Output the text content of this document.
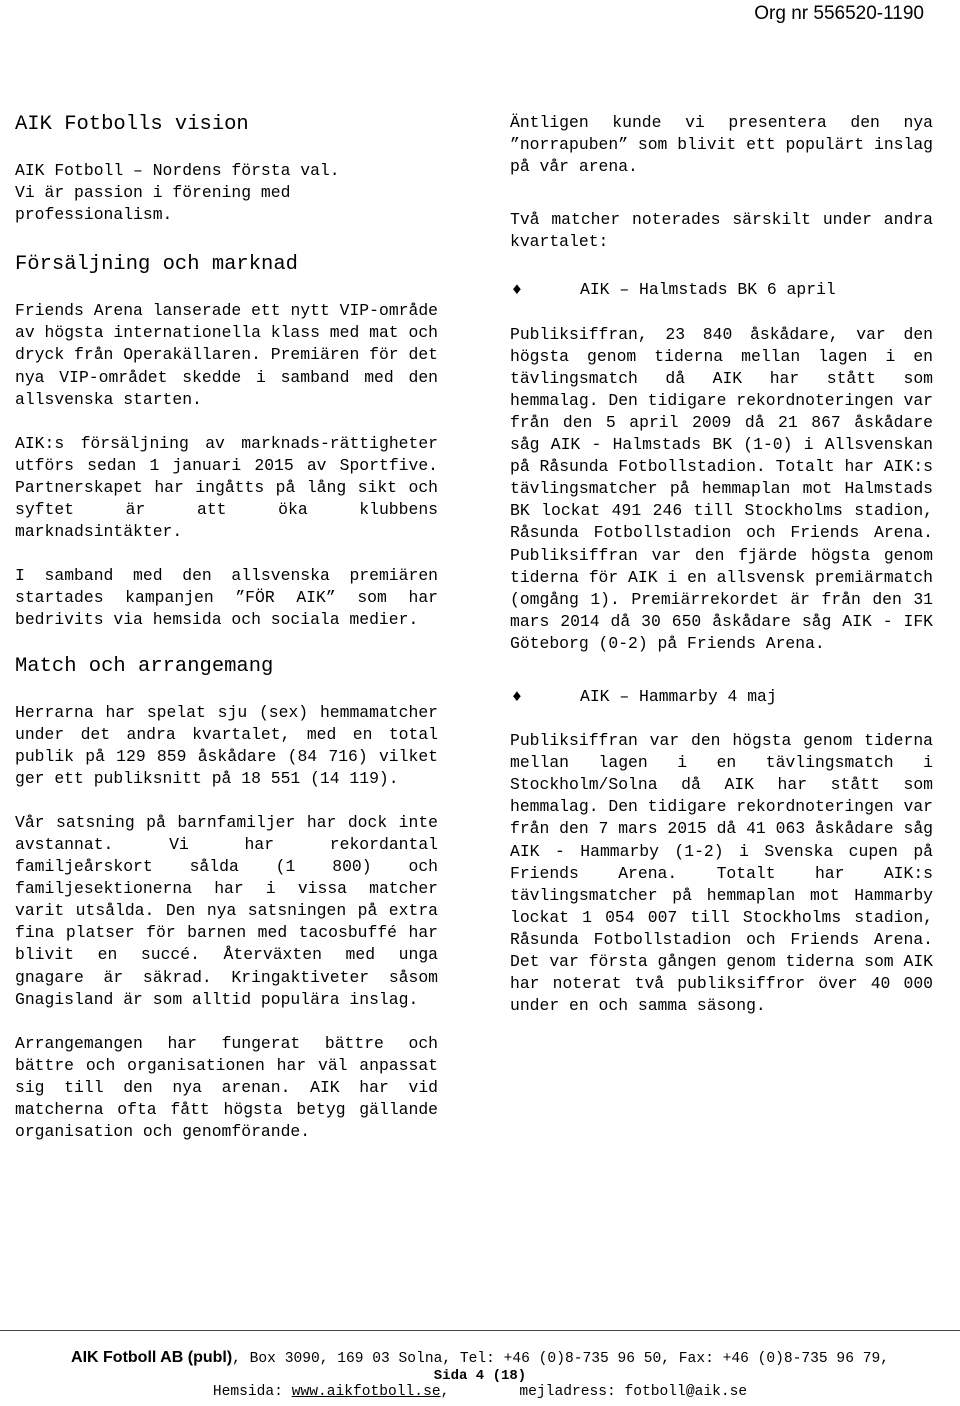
Org nr 556520-1190

AIK Fotbolls vision

AIK Fotboll – Nordens första val.

Vi är passion i förening med professionalism.

Försäljning och marknad

Friends Arena lanserade ett nytt VIP-område av högsta internationella klass med mat och dryck från Operakällaren. Premiären för det nya VIP-området skedde i samband med den allsvenska starten.

AIK:s försäljning av marknads-rättigheter utförs sedan 1 januari 2015 av Sportfive. Partnerskapet har ingåtts på lång sikt och syftet är att öka klubbens marknadsintäkter.

I samband med den allsvenska premiären startades kampanjen ”FÖR AIK” som har bedrivits via hemsida och sociala medier.

Match och arrangemang

Herrarna har spelat sju (sex) hemmamatcher under det andra kvartalet, med en total publik på 129 859 åskådare (84 716) vilket ger ett publiksnitt på 18 551 (14 119).

Vår satsning på barnfamiljer har dock inte avstannat. Vi har rekordantal familjeårskort sålda (1 800) och familjesektionerna har i vissa matcher varit utsålda. Den nya satsningen på extra fina platser för barnen med tacosbuffé har blivit en succé. Återväxten med unga gnagare är säkrad. Kringaktiveter såsom Gnagisland är som alltid populära inslag.

Arrangemangen har fungerat bättre och bättre och organisationen har väl anpassat sig till den nya arenan. AIK har vid matcherna ofta fått högsta betyg gällande organisation och genomförande.

Äntligen kunde vi presentera den nya ”norrapuben” som blivit ett populärt inslag på vår arena.

Två matcher noterades särskilt under andra kvartalet:

♦	AIK – Halmstads BK 6 april

Publiksiffran, 23 840 åskådare, var den högsta genom tiderna mellan lagen i en tävlingsmatch då AIK har stått som hemmalag. Den tidigare rekordnoteringen var från den 5 april 2009 då 21 867 åskådare såg AIK - Halmstads BK (1-0) i Allsvenskan på Råsunda Fotbollstadion. Totalt har AIK:s tävlingsmatcher på hemmaplan mot Halmstads BK lockat 491 246 till Stockholms stadion, Råsunda Fotbollstadion och Friends Arena. Publiksiffran var den fjärde högsta genom tiderna för AIK i en allsvensk premiärmatch (omgång 1). Premiärrekordet är från den 31 mars 2014 då 30 650 åskådare såg AIK - IFK Göteborg (0-2) på Friends Arena.

♦	AIK – Hammarby 4 maj

Publiksiffran var den högsta genom tiderna mellan lagen i en tävlingsmatch i Stockholm/Solna då AIK har stått som hemmalag. Den tidigare rekordnoteringen var från den 7 mars 2015 då 41 063 åskådare såg AIK - Hammarby (1-2) i Svenska cupen på Friends Arena. Totalt har AIK:s tävlingsmatcher på hemmaplan mot Hammarby lockat 1 054 007 till Stockholms stadion, Råsunda Fotbollstadion och Friends Arena. Det var första gången genom tiderna som AIK har noterat två publiksiffror över 40 000 under en och samma säsong.

AIK Fotboll AB (publ), Box 3090, 169 03 Solna, Tel: +46 (0)8-735 96 50, Fax: +46 (0)8-735 96 79,
Sida 4 (18)
Hemsida: www.aikfotboll.se,        mejladress: fotboll@aik.se
